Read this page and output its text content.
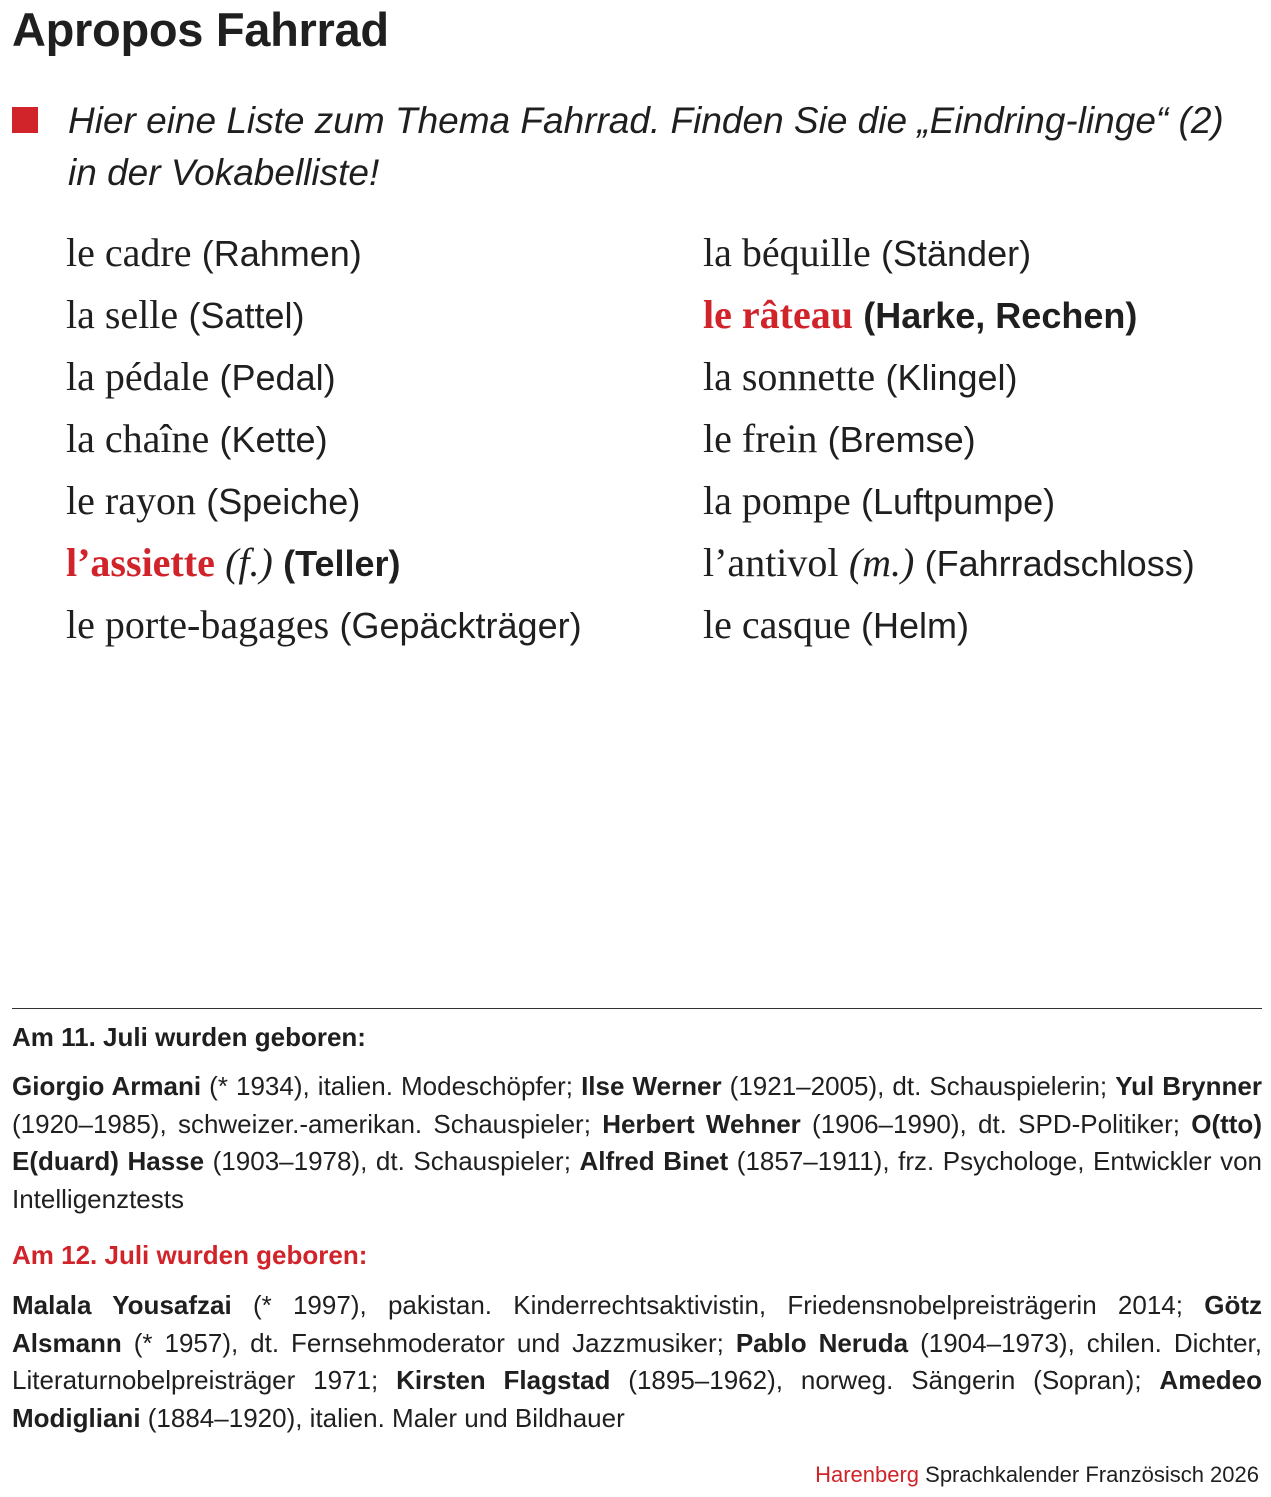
Apropos Fahrrad
Hier eine Liste zum Thema Fahrrad. Finden Sie die „Eindring-linge“ (2) in der Vokabelliste!
le cadre (Rahmen)
la selle (Sattel)
la pédale (Pedal)
la chaîne (Kette)
le rayon (Speiche)
l’assiette (f.) (Teller)
le porte-bagages (Gepäckträger)
la béquille (Ständer)
le râteau (Harke, Rechen)
la sonnette (Klingel)
le frein (Bremse)
la pompe (Luftpumpe)
l’antivol (m.) (Fahrradschloss)
le casque (Helm)
Am 11. Juli wurden geboren:
Giorgio Armani (* 1934), italien. Modeschöpfer; Ilse Werner (1921–2005), dt. Schauspielerin; Yul Brynner (1920–1985), schweizer.-amerikan. Schauspieler; Herbert Wehner (1906–1990), dt. SPD-Politiker; O(tto) E(duard) Hasse (1903–1978), dt. Schauspieler; Alfred Binet (1857–1911), frz. Psychologe, Entwickler von Intelligenztests
Am 12. Juli wurden geboren:
Malala Yousafzai (* 1997), pakistan. Kinderrechtsaktivistin, Friedensnobelpreisträgerin 2014; Götz Alsmann (* 1957), dt. Fernsehmoderator und Jazzmusiker; Pablo Neruda (1904–1973), chilen. Dichter, Literaturnobelpreisträger 1971; Kirsten Flagstad (1895–1962), norweg. Sängerin (Sopran); Amedeo Modigliani (1884–1920), italien. Maler und Bildhauer
Harenberg Sprachkalender Französisch 2026
